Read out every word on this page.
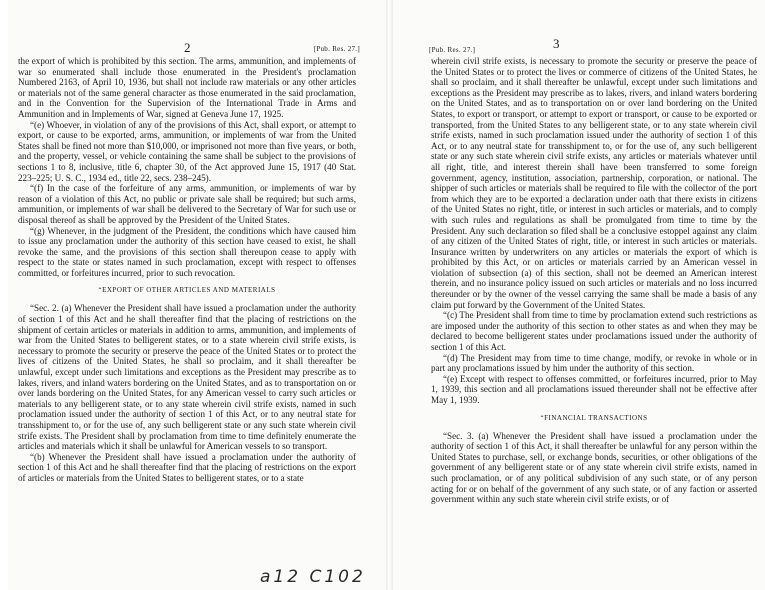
2	[Pub. Res. 27.]

the export of which is prohibited by this section. The arms, ammunition, and implements of war so enumerated shall include those enumerated in the President's proclamation Numbered 2163, of April 10, 1936, but shall not include raw materials or any other articles or materials not of the same general character as those enumerated in the said proclamation, and in the Convention for the Supervision of the International Trade in Arms and Ammunition and in Implements of War, signed at Geneva June 17, 1925.

“(e) Whoever, in violation of any of the provisions of this Act, shall export, or attempt to export, or cause to be exported, arms, ammunition, or implements of war from the United States shall be fined not more than $10,000, or imprisoned not more than five years, or both, and the property, vessel, or vehicle containing the same shall be subject to the provisions of sections 1 to 8, inclusive, title 6, chapter 30, of the Act approved June 15, 1917 (40 Stat. 223–225; U. S. C., 1934 ed., title 22, secs. 238–245).

“(f) In the case of the forfeiture of any arms, ammunition, or implements of war by reason of a violation of this Act, no public or private sale shall be required; but such arms, ammunition, or implements of war shall be delivered to the Secretary of War for such use or disposal thereof as shall be approved by the President of the United States.

“(g) Whenever, in the judgment of the President, the conditions which have caused him to issue any proclamation under the authority of this section have ceased to exist, he shall revoke the same, and the provisions of this section shall thereupon cease to apply with respect to the state or states named in such proclamation, except with respect to offenses committed, or forfeitures incurred, prior to such revocation.

“EXPORT OF OTHER ARTICLES AND MATERIALS

“Sec. 2. (a) Whenever the President shall have issued a proclamation under the authority of section 1 of this Act and he shall thereafter find that the placing of restrictions on the shipment of certain articles or materials in addition to arms, ammunition, and implements of war from the United States to belligerent states, or to a state wherein civil strife exists, is necessary to promote the security or preserve the peace of the United States or to protect the lives of citizens of the United States, he shall so proclaim, and it shall thereafter be unlawful, except under such limitations and exceptions as the President may prescribe as to lakes, rivers, and inland waters bordering on the United States, and as to transportation on or over lands bordering on the United States, for any American vessel to carry such articles or materials to any belligerent state, or to any state wherein civil strife exists, named in such proclamation issued under the authority of section 1 of this Act, or to any neutral state for transshipment to, or for the use of, any such belligerent state or any such state wherein civil strife exists. The President shall by proclamation from time to time definitely enumerate the articles and materials which it shall be unlawful for American vessels to so transport.

“(b) Whenever the President shall have issued a proclamation under the authority of section 1 of this Act and he shall thereafter find that the placing of restrictions on the export of articles or materials from the United States to belligerent states, or to a state

[Pub. Res. 27.]	3

wherein civil strife exists, is necessary to promote the security or preserve the peace of the United States or to protect the lives or commerce of citizens of the United States, he shall so proclaim, and it shall thereafter be unlawful, except under such limitations and exceptions as the President may prescribe as to lakes, rivers, and inland waters bordering on the United States, and as to transportation on or over land bordering on the United States, to export or transport, or attempt to export or transport, or cause to be exported or transported, from the United States to any belligerent state, or to any state wherein civil strife exists, named in such proclamation issued under the authority of section 1 of this Act, or to any neutral state for transshipment to, or for the use of, any such belligerent state or any such state wherein civil strife exists, any articles or materials whatever until all right, title, and interest therein shall have been transferred to some foreign government, agency, institution, association, partnership, corporation, or national. The shipper of such articles or materials shall be required to file with the collector of the port from which they are to be exported a declaration under oath that there exists in citizens of the United States no right, title, or interest in such articles or materials, and to comply with such rules and regulations as shall be promulgated from time to time by the President. Any such declaration so filed shall be a conclusive estoppel against any claim of any citizen of the United States of right, title, or interest in such articles or materials. Insurance written by underwriters on any articles or materials the export of which is prohibited by this Act, or on articles or materials carried by an American vessel in violation of subsection (a) of this section, shall not be deemed an American interest therein, and no insurance policy issued on such articles or materials and no loss incurred thereunder or by the owner of the vessel carrying the same shall be made a basis of any claim put forward by the Government of the United States.

“(c) The President shall from time to time by proclamation extend such restrictions as are imposed under the authority of this section to other states as and when they may be declared to become belligerent states under proclamations issued under the authority of section 1 of this Act.

“(d) The President may from time to time change, modify, or revoke in whole or in part any proclamations issued by him under the authority of this section.

“(e) Except with respect to offenses committed, or forfeitures incurred, prior to May 1, 1939, this section and all proclamations issued thereunder shall not be effective after May 1, 1939.

“FINANCIAL TRANSACTIONS

“Sec. 3. (a) Whenever the President shall have issued a proclamation under the authority of section 1 of this Act, it shall thereafter be unlawful for any person within the United States to purchase, sell, or exchange bonds, securities, or other obligations of the government of any belligerent state or of any state wherein civil strife exists, named in such proclamation, or of any political subdivision of any such state, or of any person acting for or on behalf of the government of any such state, or of any faction or asserted government within any such state wherein civil strife exists, or of

a12 C102
